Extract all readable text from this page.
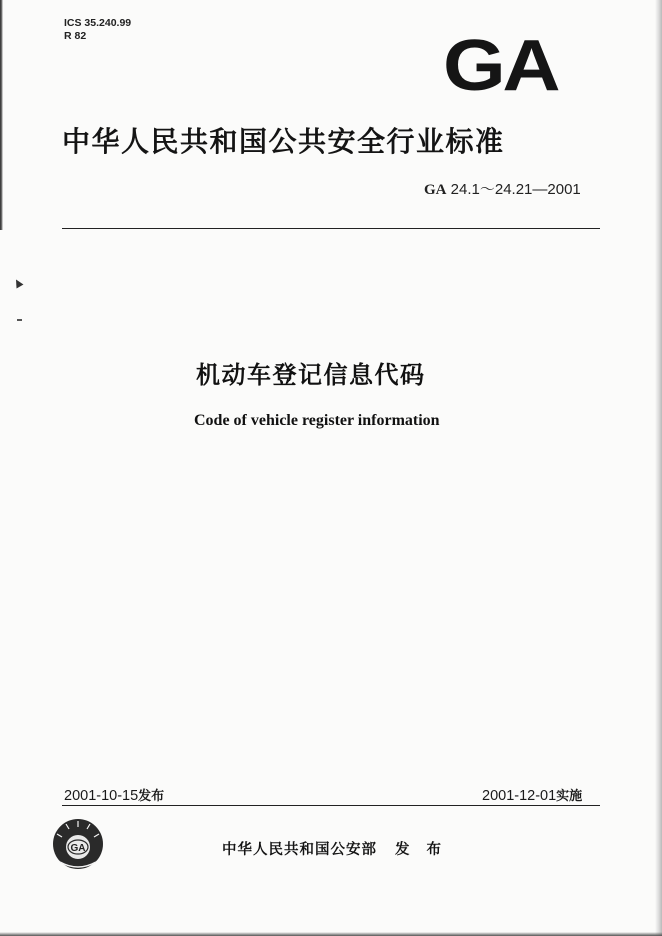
ICS 35.240.99
R 82	GA
中华人民共和国公共安全行业标准
GA 24.1～24.21—2001
机动车登记信息代码
Code of vehicle register information
2001-10-15发布	2001-12-01实施
GA	中华人民共和国公安部 发 布
